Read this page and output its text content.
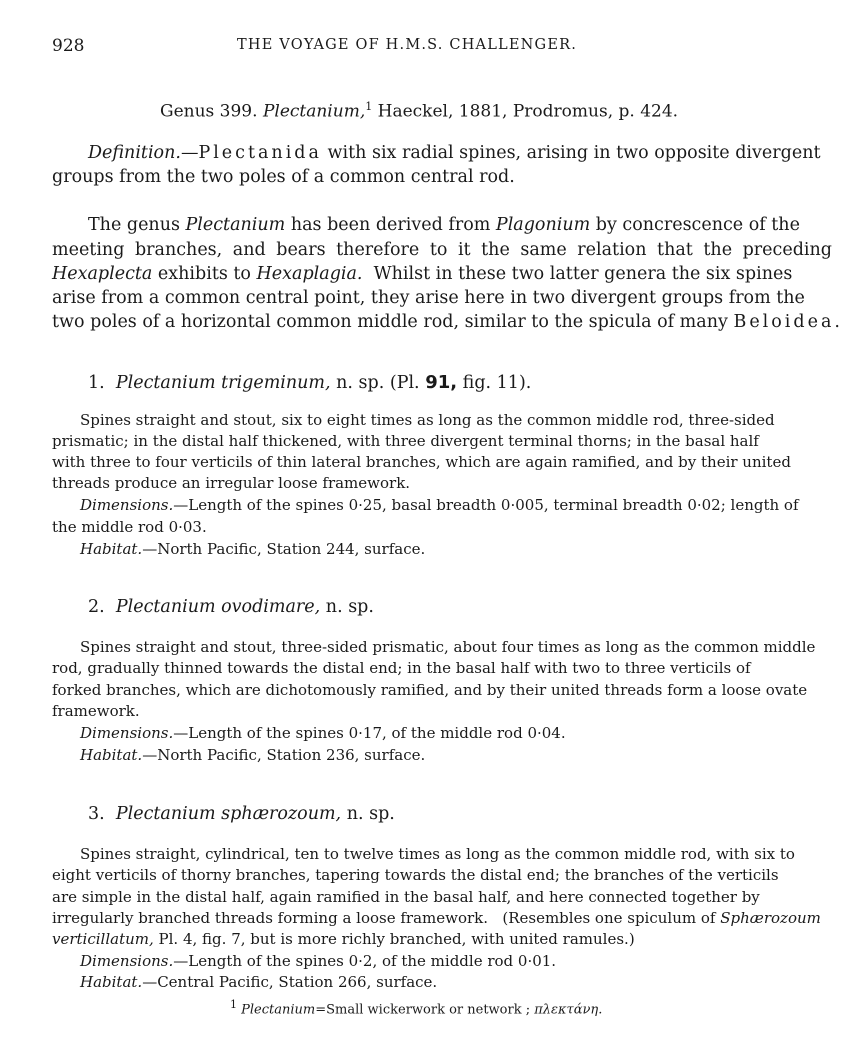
928	THE VOYAGE OF H.M.S. CHALLENGER.
Genus 399. Plectanium,$^1$ Haeckel, 1881, Prodromus, p. 424.
Definition.—Plectanida with six radial spines, arising in two opposite divergent
groups from the two poles of a common central rod.
The genus Plectanium has been derived from Plagonium by concrescence of the
meeting branches, and bears therefore to it the same relation that the preceding
Hexaplecta exhibits to Hexaplagia. Whilst in these two latter genera the six spines
arise from a common central point, they arise here in two divergent groups from the
two poles of a horizontal common middle rod, similar to the spicula of many Beloidea.
1. Plectanium trigeminum, n. sp. (Pl. 91, fig. 11).
Spines straight and stout, six to eight times as long as the common middle rod, three-sided
prismatic; in the distal half thickened, with three divergent terminal thorns; in the basal half
with three to four verticils of thin lateral branches, which are again ramified, and by their united
threads produce an irregular loose framework.
Dimensions.—Length of the spines 0·25, basal breadth 0·005, terminal breadth 0·02; length of
the middle rod 0·03.
Habitat.—North Pacific, Station 244, surface.
2. Plectanium ovodimare, n. sp.
Spines straight and stout, three-sided prismatic, about four times as long as the common middle
rod, gradually thinned towards the distal end; in the basal half with two to three verticils of
forked branches, which are dichotomously ramified, and by their united threads form a loose ovate
framework.
Dimensions.—Length of the spines 0·17, of the middle rod 0·04.
Habitat.—North Pacific, Station 236, surface.
3. Plectanium sphærozoum, n. sp.
Spines straight, cylindrical, ten to twelve times as long as the common middle rod, with six to
eight verticils of thorny branches, tapering towards the distal end; the branches of the verticils
are simple in the distal half, again ramified in the basal half, and here connected together by
irregularly branched threads forming a loose framework.   (Resembles one spiculum of Sphærozoum
verticillatum, Pl. 4, fig. 7, but is more richly branched, with united ramules.)
Dimensions.—Length of the spines 0·2, of the middle rod 0·01.
Habitat.—Central Pacific, Station 266, surface.
$^1$ Plectanium=Small wickerwork or network ; πλεκτάνη.
